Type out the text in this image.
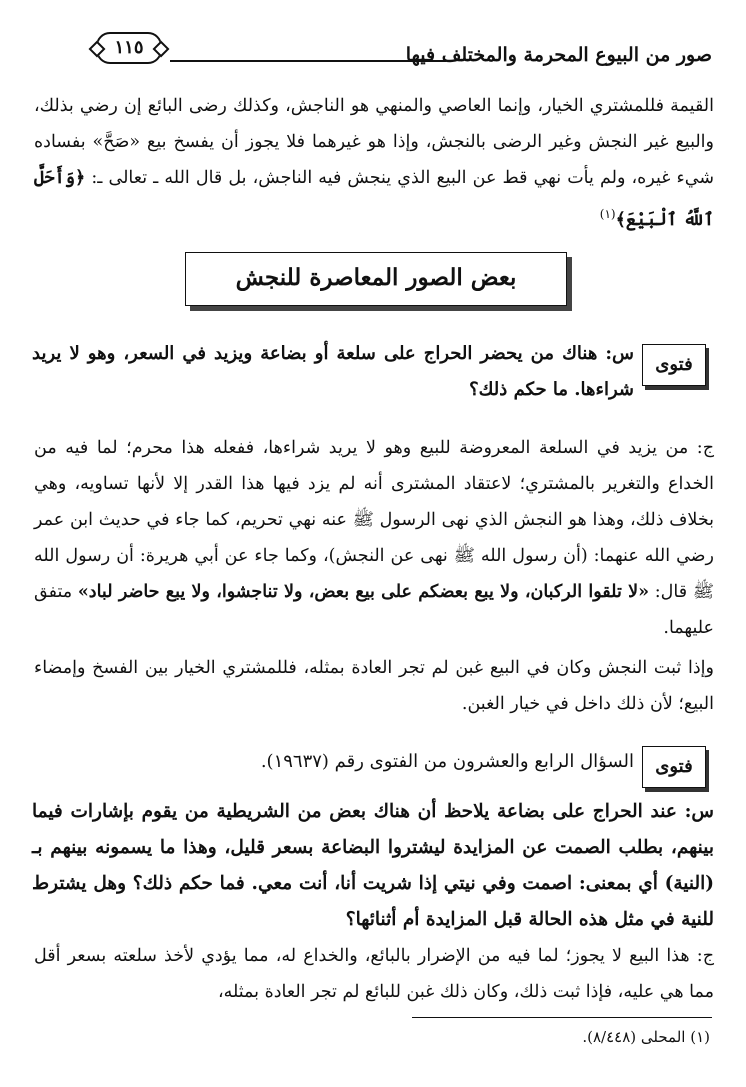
صور من البيوع المحرمة والمختلف فيها
١١٥
القيمة فللمشتري الخيار، وإنما العاصي والمنهي هو الناجش، وكذلك رضى البائع إن رضي بذلك، والبيع غير النجش وغير الرضى بالنجش، وإذا هو غيرهما فلا يجوز أن يفسخ بيع «صَحَّ» بفساده شيء غيره، ولم يأت نهي قط عن البيع الذي ينجش فيه الناجش، بل قال الله ـ تعالى ـ: ﴿وَأَحَلَّ ٱللَّهُ ٱلْبَيْعَ﴾$^{(١)}$
بعض الصور المعاصرة للنجش
فتوى
س: هناك من يحضر الحراج على سلعة أو بضاعة ويزيد في السعر، وهو لا يريد شراءها. ما حكم ذلك؟
ج: من يزيد في السلعة المعروضة للبيع وهو لا يريد شراءها، ففعله هذا محرم؛ لما فيه من الخداع والتغرير بالمشتري؛ لاعتقاد المشترى أنه لم يزد فيها هذا القدر إلا لأنها تساويه، وهي بخلاف ذلك، وهذا هو النجش الذي نهى الرسول ﷺ عنه نهي تحريم، كما جاء في حديث ابن عمر رضي الله عنهما: (أن رسول الله ﷺ نهى عن النجش)، وكما جاء عن أبي هريرة: أن رسول الله ﷺ قال: «لا تلقوا الركبان، ولا يبع بعضكم على بيع بعض، ولا تناجشوا، ولا يبع حاضر لباد» متفق عليهما.
وإذا ثبت النجش وكان في البيع غبن لم تجر العادة بمثله، فللمشتري الخيار بين الفسخ وإمضاء البيع؛ لأن ذلك داخل في خيار الغبن.
فتوى
السؤال الرابع والعشرون من الفتوى رقم (١٩٦٣٧).
س: عند الحراج على بضاعة يلاحظ أن هناك بعض من الشريطية من يقوم بإشارات فيما بينهم، بطلب الصمت عن المزايدة ليشتروا البضاعة بسعر قليل، وهذا ما يسمونه بينهم بـ (النية) أي بمعنى: اصمت وفي نيتي إذا شريت أنا، أنت معي. فما حكم ذلك؟ وهل يشترط للنية في مثل هذه الحالة قبل المزايدة أم أثنائها؟
ج: هذا البيع لا يجوز؛ لما فيه من الإضرار بالبائع، والخداع له، مما يؤدي لأخذ سلعته بسعر أقل مما هي عليه، فإذا ثبت ذلك، وكان ذلك غبن للبائع لم تجر العادة بمثله،
(١) المحلى (٨/٤٤٨).
